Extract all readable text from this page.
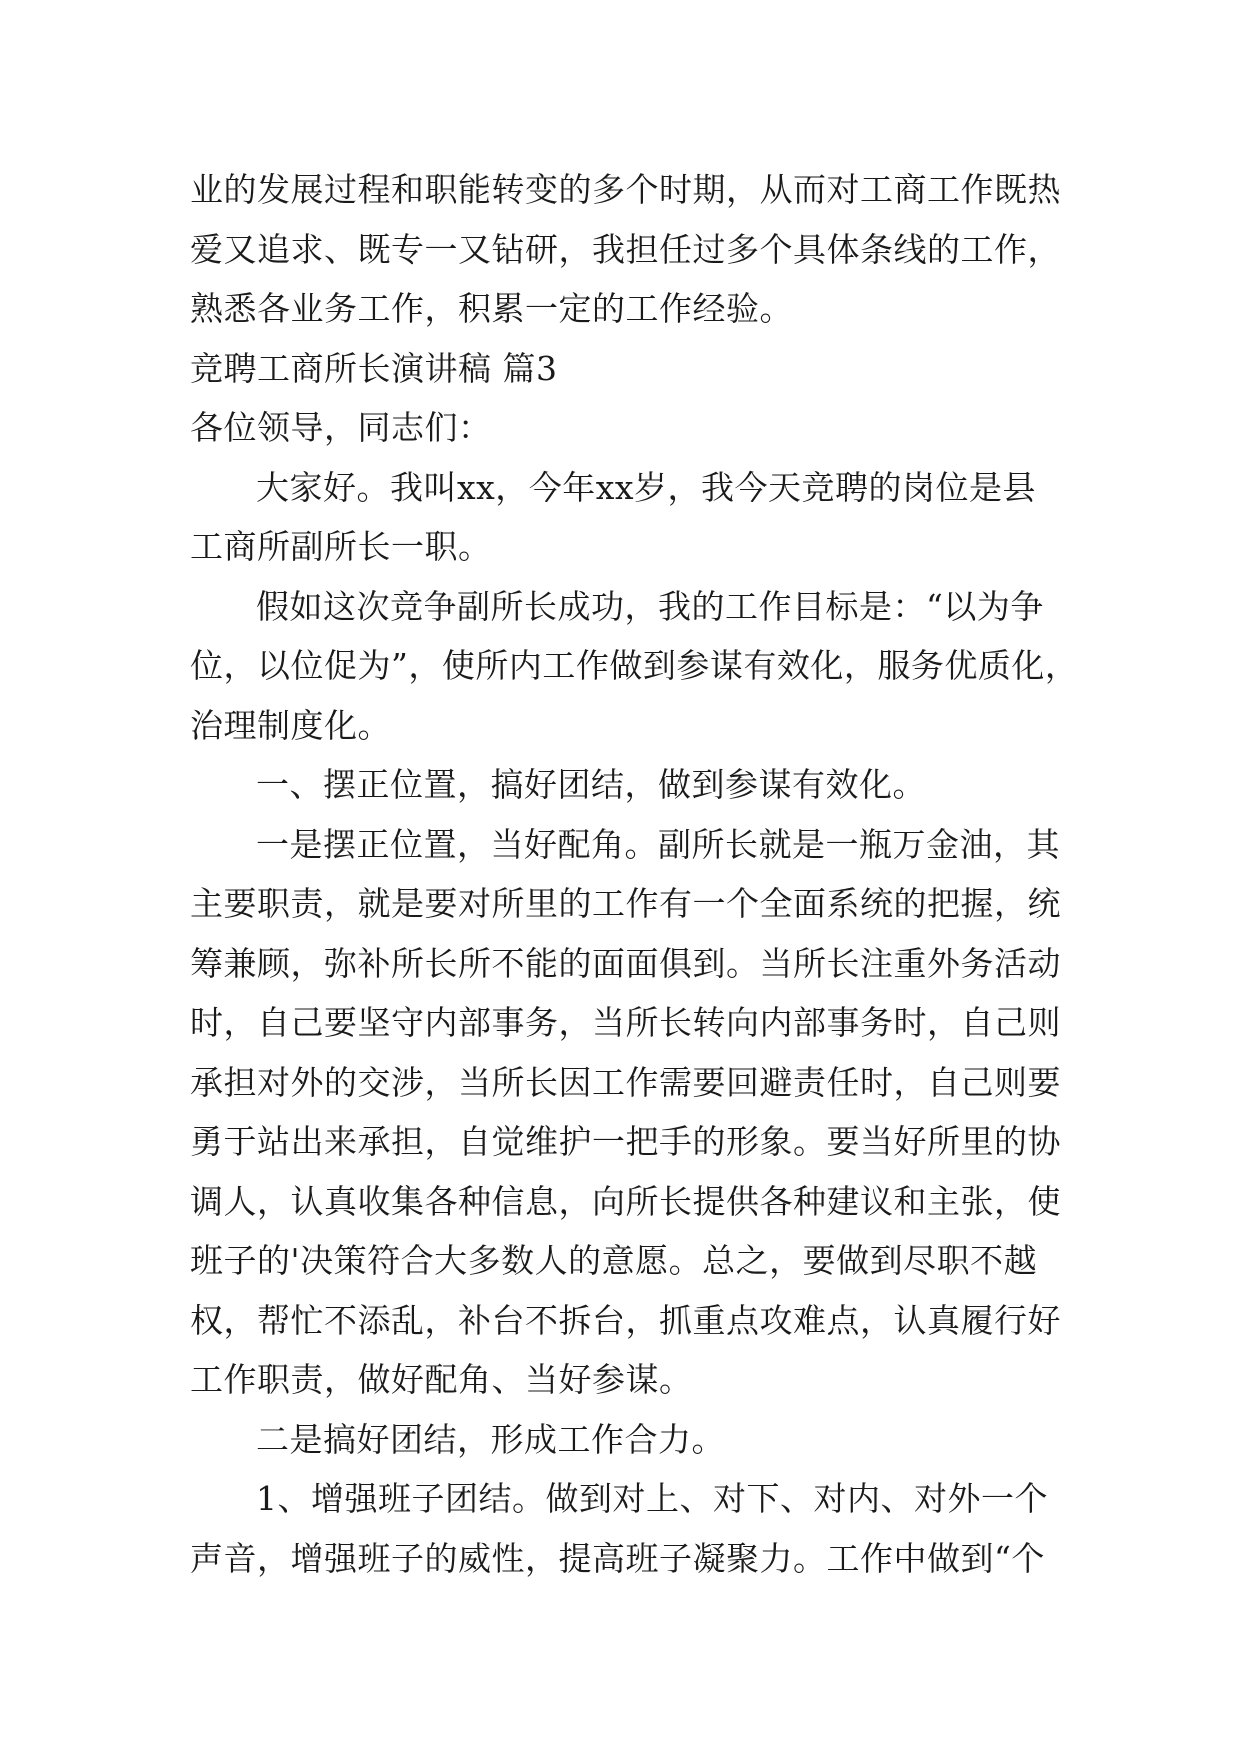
业的发展过程和职能转变的多个时期，从而对工商工作既热
爱又追求、既专一又钻研，我担任过多个具体条线的工作，
熟悉各业务工作，积累一定的工作经验。
竞聘工商所长演讲稿 篇3
各位领导，同志们：
大家好。我叫xx，今年xx岁，我今天竞聘的岗位是县
工商所副所长一职。
假如这次竞争副所长成功，我的工作目标是：“以为争
位，以位促为”，使所内工作做到参谋有效化，服务优质化，
治理制度化。
一、摆正位置，搞好团结，做到参谋有效化。
一是摆正位置，当好配角。副所长就是一瓶万金油，其
主要职责，就是要对所里的工作有一个全面系统的把握，统
筹兼顾，弥补所长所不能的面面俱到。当所长注重外务活动
时，自己要坚守内部事务，当所长转向内部事务时，自己则
承担对外的交涉，当所长因工作需要回避责任时，自己则要
勇于站出来承担，自觉维护一把手的形象。要当好所里的协
调人，认真收集各种信息，向所长提供各种建议和主张，使
班子的'决策符合大多数人的意愿。总之，要做到尽职不越
权，帮忙不添乱，补台不拆台，抓重点攻难点，认真履行好
工作职责，做好配角、当好参谋。
二是搞好团结，形成工作合力。
1、增强班子团结。做到对上、对下、对内、对外一个
声音，增强班子的威性，提高班子凝聚力。工作中做到“个
